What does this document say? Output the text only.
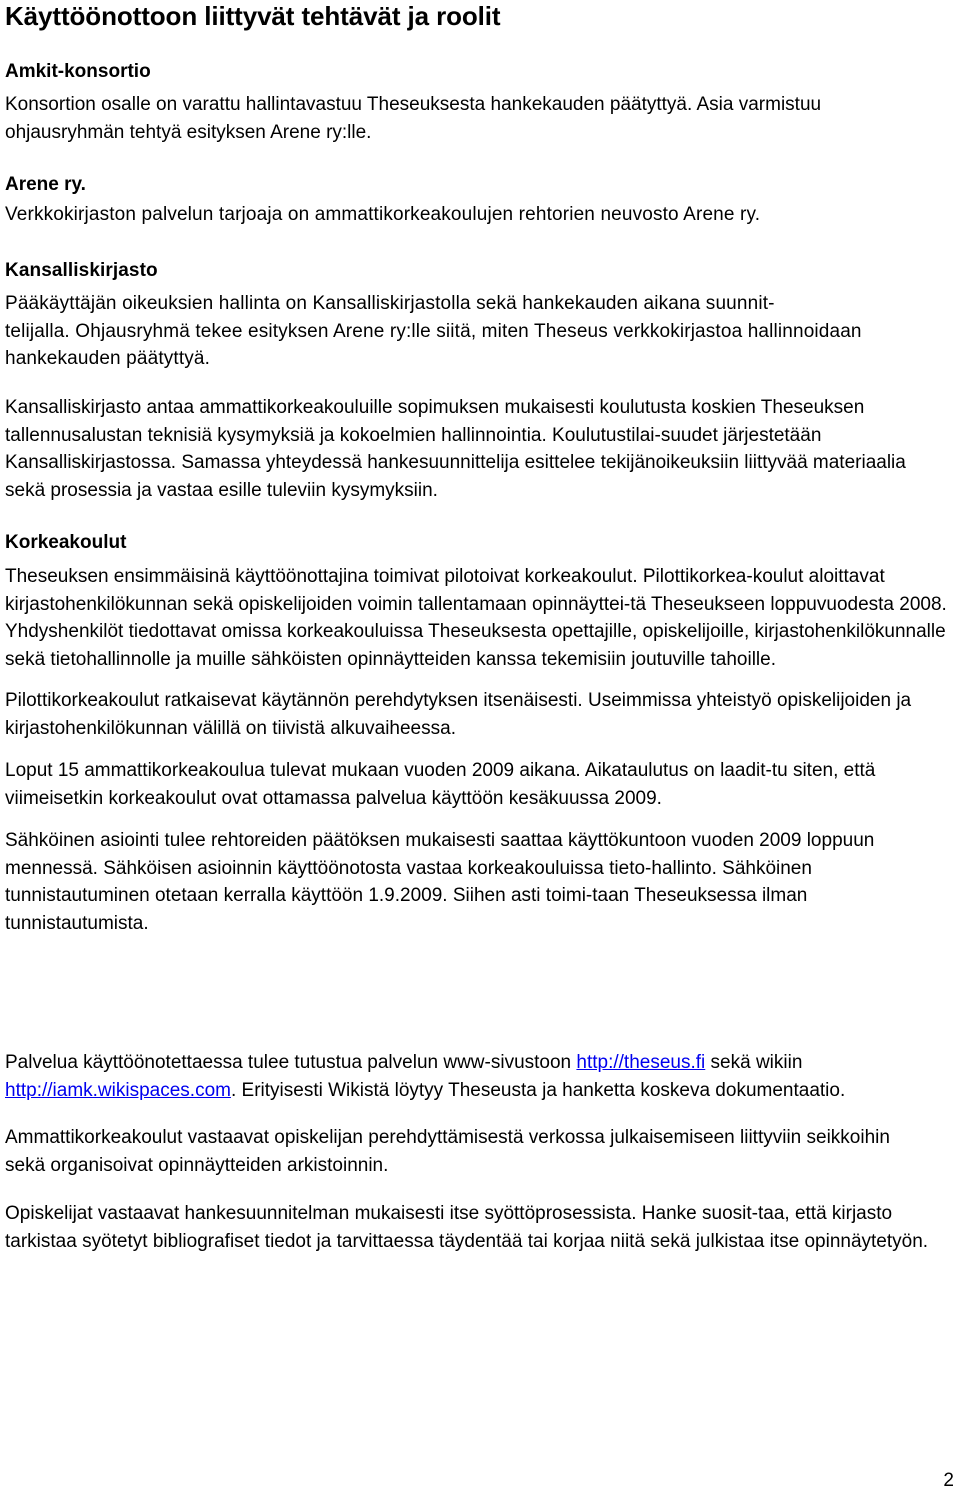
Käyttöönottoon liittyvät tehtävät ja roolit
Amkit-konsortio

Konsortion osalle on varattu hallintavastuu Theseuksesta hankekauden päätyttyä. Asia varmistuu ohjausryhmän tehtyä esityksen Arene ry:lle.

Arene ry.

Verkkokirjaston palvelun tarjoaja on ammattikorkeakoulujen rehtorien neuvosto Arene ry.

Kansalliskirjasto

Pääkäyttäjän oikeuksien hallinta on Kansalliskirjastolla sekä hankekauden aikana suunnit-

telijalla. Ohjausryhmä tekee esityksen Arene ry:lle siitä, miten Theseus verkkokirjastoa hallinnoidaan hankekauden päätyttyä.

Kansalliskirjasto antaa ammattikorkeakouluille sopimuksen mukaisesti koulutusta koskien Theseuksen tallennusalustan teknisiä kysymyksiä ja kokoelmien hallinnointia. Koulutustilai-suudet järjestetään Kansalliskirjastossa. Samassa yhteydessä hankesuunnittelija esittelee tekijänoikeuksiin liittyvää materiaalia sekä prosessia ja vastaa esille tuleviin kysymyksiin.

Korkeakoulut

Theseuksen ensimmäisinä käyttöönottajina toimivat pilotoivat korkeakoulut. Pilottikorkea-koulut aloittavat kirjastohenkilökunnan sekä opiskelijoiden voimin tallentamaan opinnäyttei-tä Theseukseen loppuvuodesta 2008. Yhdyshenkilöt tiedottavat omissa korkeakouluissa Theseuksesta opettajille, opiskelijoille, kirjastohenkilökunnalle sekä tietohallinnolle ja muille sähköisten opinnäytteiden kanssa tekemisiin joutuville tahoille.

Pilottikorkeakoulut ratkaisevat käytännön perehdytyksen itsenäisesti. Useimmissa yhteistyö opiskelijoiden ja kirjastohenkilökunnan välillä on tiivistä alkuvaiheessa.

Loput 15 ammattikorkeakoulua tulevat mukaan vuoden 2009 aikana. Aikataulutus on laadit-tu siten, että viimeisetkin korkeakoulut ovat ottamassa palvelua käyttöön kesäkuussa 2009.

Sähköinen asiointi tulee rehtoreiden päätöksen mukaisesti saattaa käyttökuntoon vuoden 2009 loppuun mennessä. Sähköisen asioinnin käyttöönotosta vastaa korkeakouluissa tieto-hallinto. Sähköinen tunnistautuminen otetaan kerralla käyttöön 1.9.2009. Siihen asti toimi-taan Theseuksessa ilman tunnistautumista.

Palvelua käyttöönotettaessa tulee tutustua palvelun www-sivustoon http://theseus.fi sekä wikiin http://iamk.wikispaces.com. Erityisesti Wikistä löytyy Theseusta ja hanketta koskeva dokumentaatio.

Ammattikorkeakoulut vastaavat opiskelijan perehdyttämisestä verkossa julkaisemiseen liittyviin seikkoihin sekä organisoivat opinnäytteiden arkistoinnin.

Opiskelijat vastaavat hankesuunnitelman mukaisesti itse syöttöprosessista. Hanke suosit-taa, että kirjasto tarkistaa syötetyt bibliografiset tiedot ja tarvittaessa täydentää tai korjaa niitä sekä julkistaa itse opinnäytetyön.

2
